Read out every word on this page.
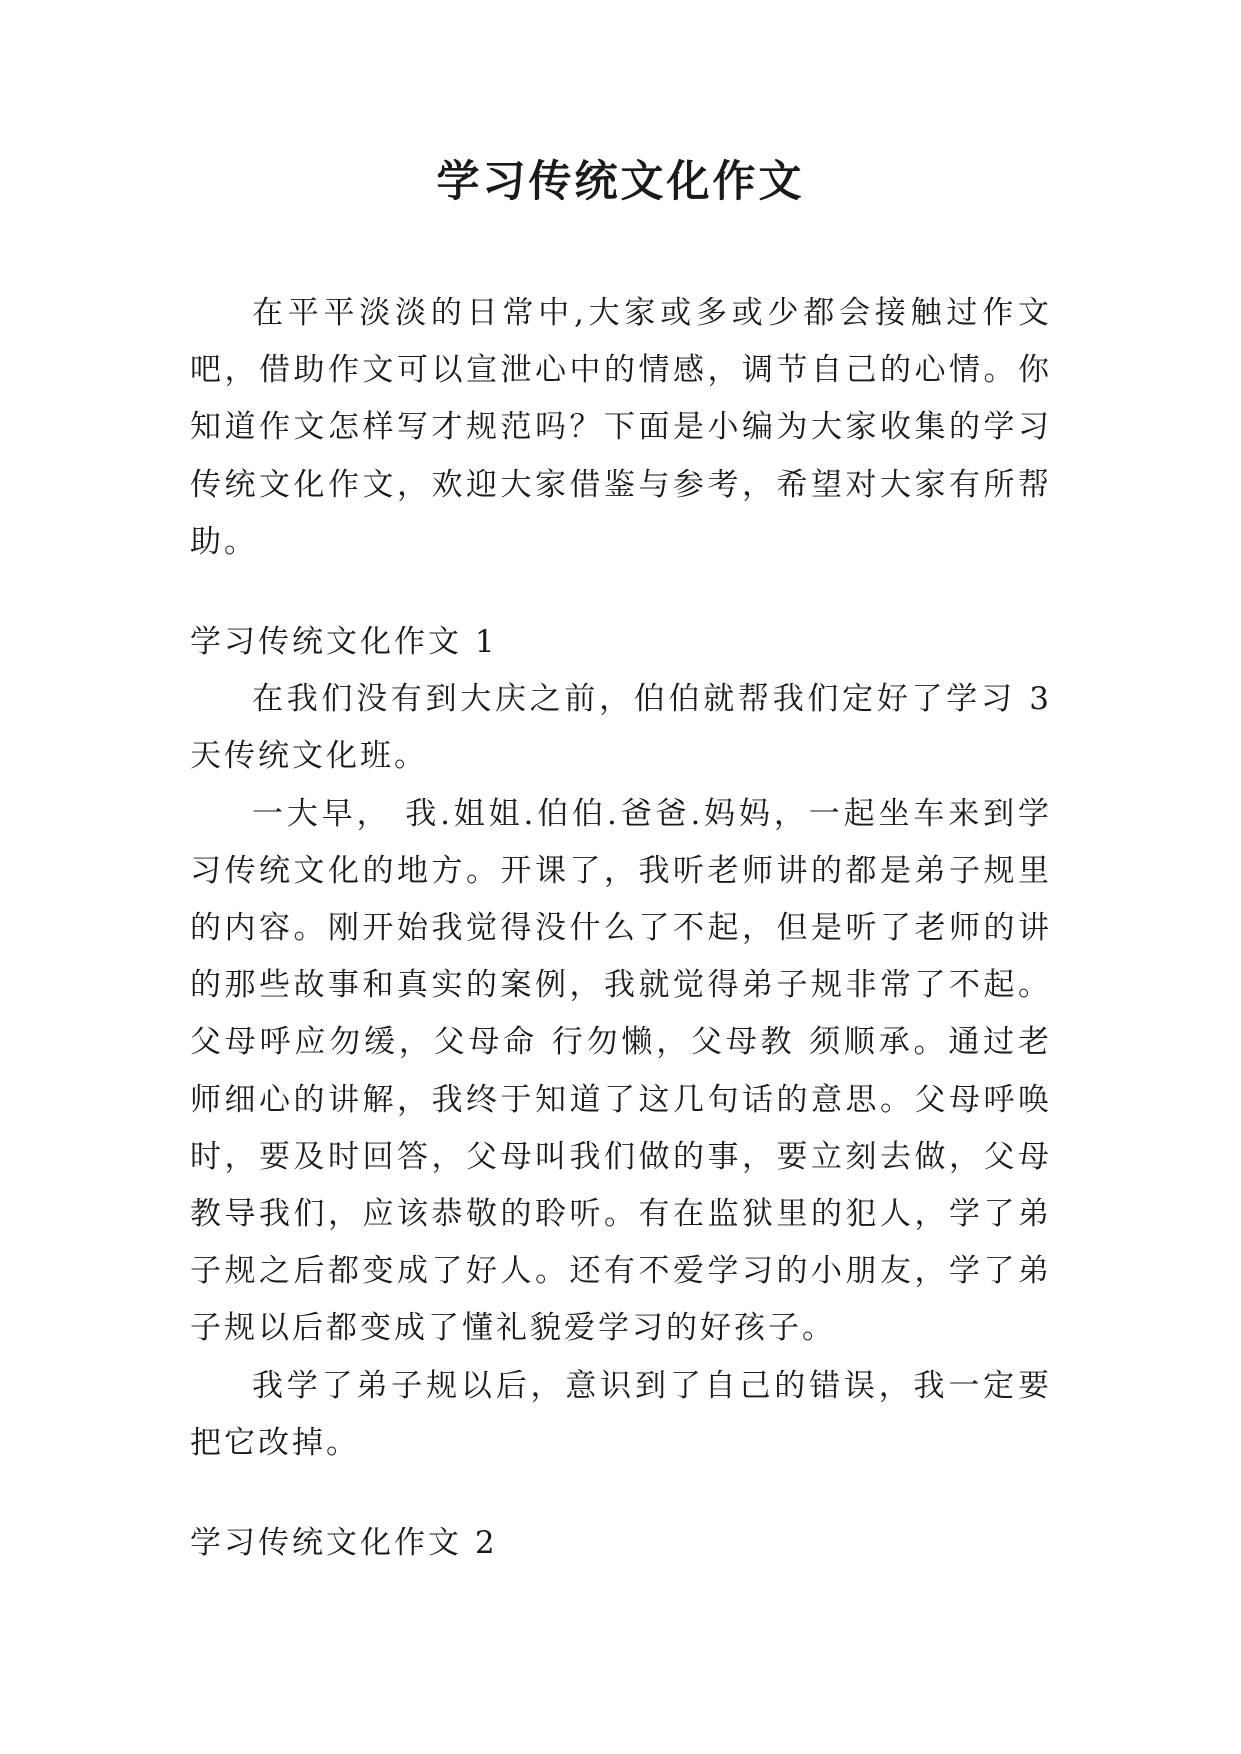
学习传统文化作文

在平平淡淡的日常中,大家或多或少都会接触过作文吧，借助作文可以宣泄心中的情感，调节自己的心情。你知道作文怎样写才规范吗？下面是小编为大家收集的学习传统文化作文，欢迎大家借鉴与参考，希望对大家有所帮助。

学习传统文化作文 1

在我们没有到大庆之前，伯伯就帮我们定好了学习 3 天传统文化班。

一大早， 我.姐姐.伯伯.爸爸.妈妈，一起坐车来到学习传统文化的地方。开课了，我听老师讲的都是弟子规里的内容。刚开始我觉得没什么了不起，但是听了老师的讲的那些故事和真实的案例，我就觉得弟子规非常了不起。父母呼应勿缓，父母命 行勿懒，父母教 须顺承。通过老师细心的讲解，我终于知道了这几句话的意思。父母呼唤时，要及时回答，父母叫我们做的事，要立刻去做，父母教导我们，应该恭敬的聆听。有在监狱里的犯人，学了弟子规之后都变成了好人。还有不爱学习的小朋友，学了弟子规以后都变成了懂礼貌爱学习的好孩子。

我学了弟子规以后，意识到了自己的错误，我一定要把它改掉。

学习传统文化作文 2
